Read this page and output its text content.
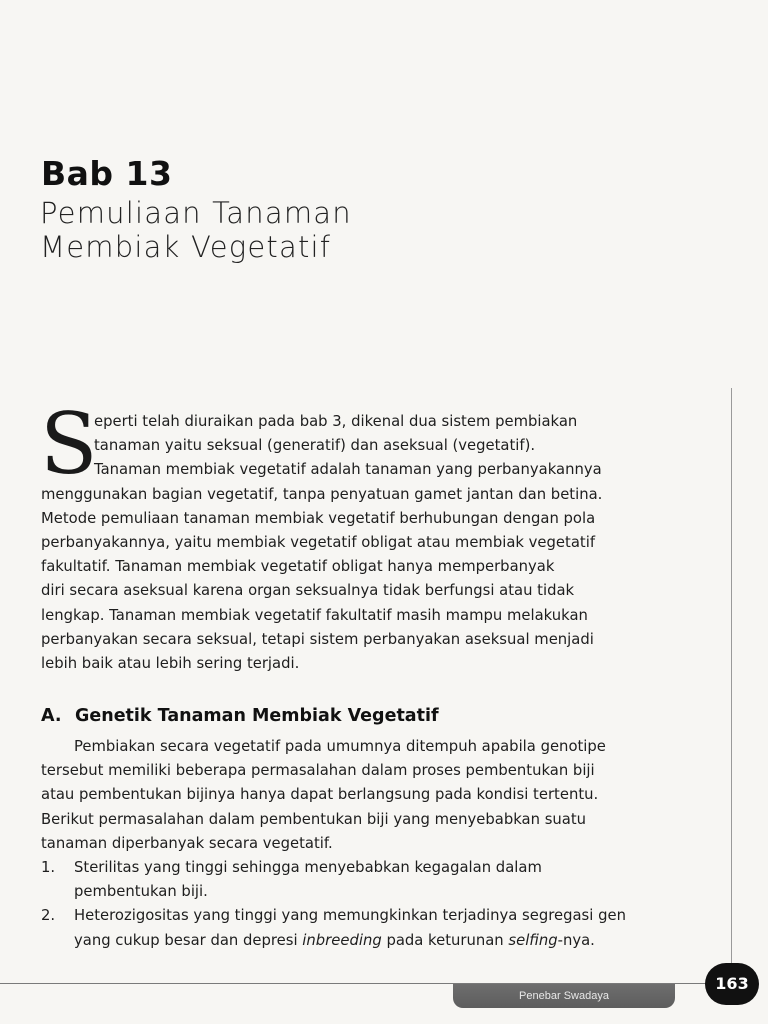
Bab 13
Pemuliaan Tanaman
Membiak Vegetatif
S
eperti telah diuraikan pada bab 3, dikenal dua sistem pembiakan
tanaman yaitu seksual (generatif) dan aseksual (vegetatif).
Tanaman membiak vegetatif adalah tanaman yang perbanyakannya
menggunakan bagian vegetatif, tanpa penyatuan gamet jantan dan betina.
Metode pemuliaan tanaman membiak vegetatif berhubungan dengan pola
perbanyakannya, yaitu membiak vegetatif obligat atau membiak vegetatif
fakultatif. Tanaman membiak vegetatif obligat hanya memperbanyak
diri secara aseksual karena organ seksualnya tidak berfungsi atau tidak
lengkap. Tanaman membiak vegetatif fakultatif masih mampu melakukan
perbanyakan secara seksual, tetapi sistem perbanyakan aseksual menjadi
lebih baik atau lebih sering terjadi.
A. Genetik Tanaman Membiak Vegetatif
Pembiakan secara vegetatif pada umumnya ditempuh apabila genotipe
tersebut memiliki beberapa permasalahan dalam proses pembentukan biji
atau pembentukan bijinya hanya dapat berlangsung pada kondisi tertentu.
Berikut permasalahan dalam pembentukan biji yang menyebabkan suatu
tanaman diperbanyak secara vegetatif.
1. Sterilitas yang tinggi sehingga menyebabkan kegagalan dalam
pembentukan biji.
2. Heterozigositas yang tinggi yang memungkinkan terjadinya segregasi gen
yang cukup besar dan depresi inbreeding pada keturunan selfing-nya.
Penebar Swadaya
163
